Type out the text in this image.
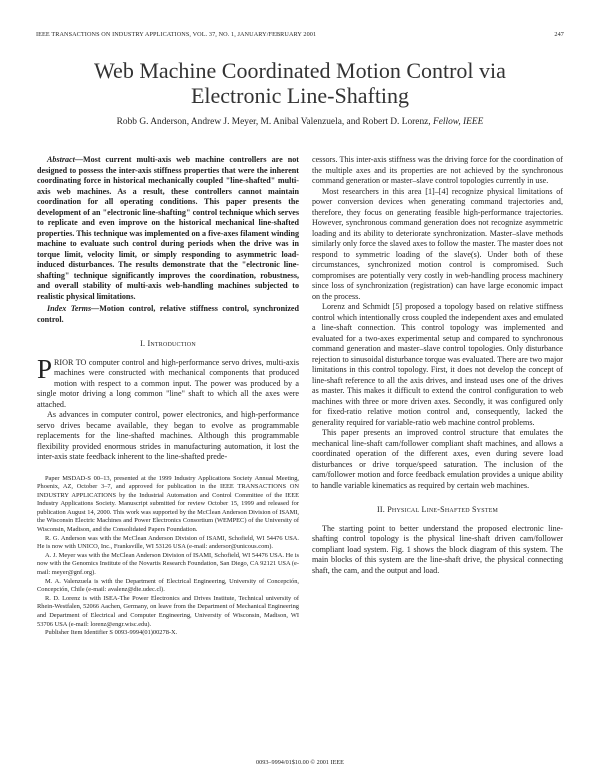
IEEE TRANSACTIONS ON INDUSTRY APPLICATIONS, VOL. 37, NO. 1, JANUARY/FEBRUARY 2001	247
Web Machine Coordinated Motion Control via
Electronic Line-Shafting
Robb G. Anderson, Andrew J. Meyer, M. Anibal Valenzuela, and Robert D. Lorenz, Fellow, IEEE

Abstract—Most current multi-axis web machine controllers are not designed to possess the inter-axis stiffness properties that were the inherent coordinating force in historical mechanically coupled "line-shafted" multi-axis web machines. As a result, these controllers cannot maintain coordination for all operating conditions. This paper presents the development of an "electronic line-shafting" control technique which serves to replicate and even improve on the historical mechanical line-shafted properties. This technique was implemented on a five-axes filament winding machine to evaluate such control during periods when the drive was in torque limit, velocity limit, or simply responding to asymmetric load-induced disturbances. The results demonstrate that the "electronic line-shafting" technique significantly improves the coordination, robustness, and overall stability of multi-axis web-handling machines subjected to realistic physical limitations.

Index Terms—Motion control, relative stiffness control, synchronized control.

I. Introduction

PRIOR TO computer control and high-performance servo drives, multi-axis machines were constructed with mechanical components that produced motion with respect to a common input. The power was produced by a single motor driving a long common "line" shaft to which all the axes were attached.

As advances in computer control, power electronics, and high-performance servo drives became available, they began to evolve as programmable replacements for the line-shafted machines. Although this programmable flexibility provided enormous strides in manufacturing automation, it lost the inter-axis state feedback inherent to the line-shafted prede-

Paper MSDAD-S 00–13, presented at the 1999 Industry Applications Society Annual Meeting, Phoenix, AZ, October 3–7, and approved for publication in the IEEE TRANSACTIONS ON INDUSTRY APPLICATIONS by the Industrial Automation and Control Committee of the IEEE Industry Applications Society. Manuscript submitted for review October 15, 1999 and released for publication August 14, 2000. This work was supported by the McClean Anderson Division of ISAMI, the Wisconsin Electric Machines and Power Electronics Consortium (WEMPEC) of the University of Wisconsin, Madison, and the Consolidated Papers Foundation.

R. G. Anderson was with the McClean Anderson Division of ISAMI, Schofield, WI 54476 USA. He is now with UNICO, Inc., Franksville, WI 53126 USA (e-mail: andersor@unicous.com).

A. J. Meyer was with the McClean Anderson Division of ISAMI, Schofield, WI 54476 USA. He is now with the Genomics Institute of the Novartis Research Foundation, San Diego, CA 92121 USA (e-mail: meyer@gnf.org).

M. A. Valenzuela is with the Department of Electrical Engineering, University of Concepción, Concepción, Chile (e-mail: avalenz@die.udec.cl).

R. D. Lorenz is with ISEA-The Power Electronics and Drives Institute, Technical university of Rhein-Westfalen, 52066 Aachen, Germany, on leave from the Department of Mechanical Engineering and Department of Electrical and Computer Engineering, University of Wisconsin, Madison, WI 53706 USA (e-mail: lorenz@engr.wisc.edu).

Publisher Item Identifier S 0093-9994(01)00278-X.

cessors. This inter-axis stiffness was the driving force for the coordination of the multiple axes and its properties are not achieved by the synchronous command generation or master–slave control topologies currently in use.

Most researchers in this area [1]–[4] recognize physical limitations of power conversion devices when generating command trajectories and, therefore, they focus on generating feasible high-performance trajectories. However, synchronous command generation does not recognize asymmetric loading and its ability to deteriorate synchronization. Master–slave methods similarly only force the slaved axes to follow the master. The master does not respond to symmetric loading of the slave(s). Under both of these circumstances, synchronized motion control is compromised. Such compromises are potentially very costly in web-handling process machinery since loss of synchronization (registration) can have large economic impact on the process.

Lorenz and Schmidt [5] proposed a topology based on relative stiffness control which intentionally cross coupled the independent axes and emulated a line-shaft connection. This control topology was implemented and evaluated for a two-axes experimental setup and compared to synchronous command generation and master–slave control topologies. Only disturbance rejection to sinusoidal disturbance torque was evaluated. There are two major limitations in this control topology. First, it does not develop the concept of line-shaft reference to all the axis drives, and instead uses one of the drives as master. This makes it difficult to extend the control configuration to web machines with three or more driven axes. Secondly, it was configured only for fixed-ratio relative motion control and, consequently, lacked the generality required for variable-ratio web machine control problems.

This paper presents an improved control structure that emulates the mechanical line-shaft cam/follower compliant shaft machines, and allows a coordinated operation of the different axes, even during severe load disturbances or drive torque/speed saturation. The inclusion of the cam/follower motion and force feedback emulation provides a unique ability to handle variable kinematics as required by certain web machines.

II. Physical Line-Shafted System

The starting point to better understand the proposed electronic line-shafting control topology is the physical line-shaft driven cam/follower compliant load system. Fig. 1 shows the block diagram of this system. The main blocks of this system are the line-shaft drive, the physical connecting shaft, the cam, and the output and load.

0093–9994/01$10.00 © 2001 IEEE
